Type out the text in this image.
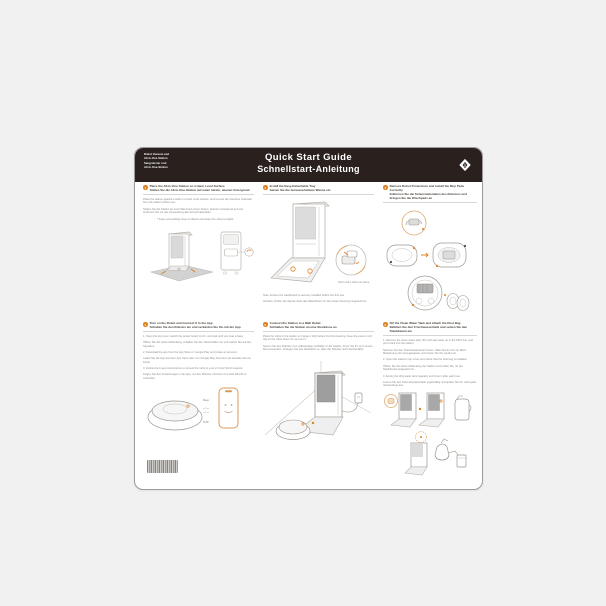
Robot Vacuum and
All-in-One Station
Saugroboter und
All-in-One-Station
Quick Start Guide
Schnellstart-Anleitung
1	Place the All-in-One Station on a Hard, Level Surface
Stellen Sie die All-in-One-Station auf einen harten, ebenen Untergrund

Place the station against a wall on a hard, level surface, and remove all protective materials from the station before use.

Stellen Sie die Station an einer Wand auf einem harten, ebenen Untergrund auf und entfernen Sie vor der Verwendung alle Schutzmaterialien.

* Keep surroundings clear of objects and away from direct sunlight.
2	Install the Easy-Detachable Tray
Setzen Sie die herausnehmbare Wanne ein
Push until it clicks into place.

Note: Ensure the washboard is securely installed before the first use.

Hinweis: Achten Sie darauf, dass das Waschbrett vor der ersten Nutzung eingesetzt ist.

3	Remove Robot Protections and Install the Mop Pads Correctly
Entfernen Sie die Schutzmaterialien des Roboters und bringen Sie die Wischpads an
4	Turn on the Robot and Connect It to the App
Schalten Sie den Roboter ein und verbinden Sie ihn mit der App

1. Open the top cover, switch the power button to On, and wait until you hear a beep.

Öffnen Sie die obere Abdeckung, schalten Sie den Netzschalter ein und warten Sie auf den Signalton.

2. Download the app from the App Store or Google Play and create an account.

Laden Sie die App aus dem App Store oder von Google Play herunter und erstellen Sie ein Konto.

3. Follow the in-app instructions to connect the robot to your 2.4 GHz Wi-Fi network.

Folgen Sie den Anweisungen in der App, um den Roboter mit Ihrem 2,4-GHz-WLAN zu verbinden.

Beep
Bi-Bi
5	Connect the Station to a Wall Outlet
Schließen Sie die Station an eine Steckdose an

Place the robot in the station to charge it fully before the first cleaning. Keep the power cord tidy so the robot does not run over it.

Setzen Sie den Roboter zum vollständigen Aufladen in die Station, bevor Sie ihn zum ersten Mal verwenden. Verlegen Sie das Netzkabel so, dass der Roboter nicht darüberfährt.

6	Fill the Clean Water Tank and Attach the Dust Bag
Befüllen Sie den Frischwassertank und setzen Sie den Staubbeutel ein

1. Remove the clean water tank, fill it with tap water up to the MAX line, and put it back into the station.

Nehmen Sie den Frischwassertank heraus, füllen Sie ihn bis zur MAX-Markierung mit Leitungswasser und setzen Sie ihn wieder ein.

2. Open the station's top cover and check that the dust bag is installed.

Öffnen Sie die obere Abdeckung der Station und prüfen Sie, ob der Staubbeutel eingesetzt ist.

3. Empty the dirty water tank regularly and rinse it after each use.

Leeren Sie den Schmutzwassertank regelmäßig und spülen Sie ihn nach jeder Verwendung aus.
